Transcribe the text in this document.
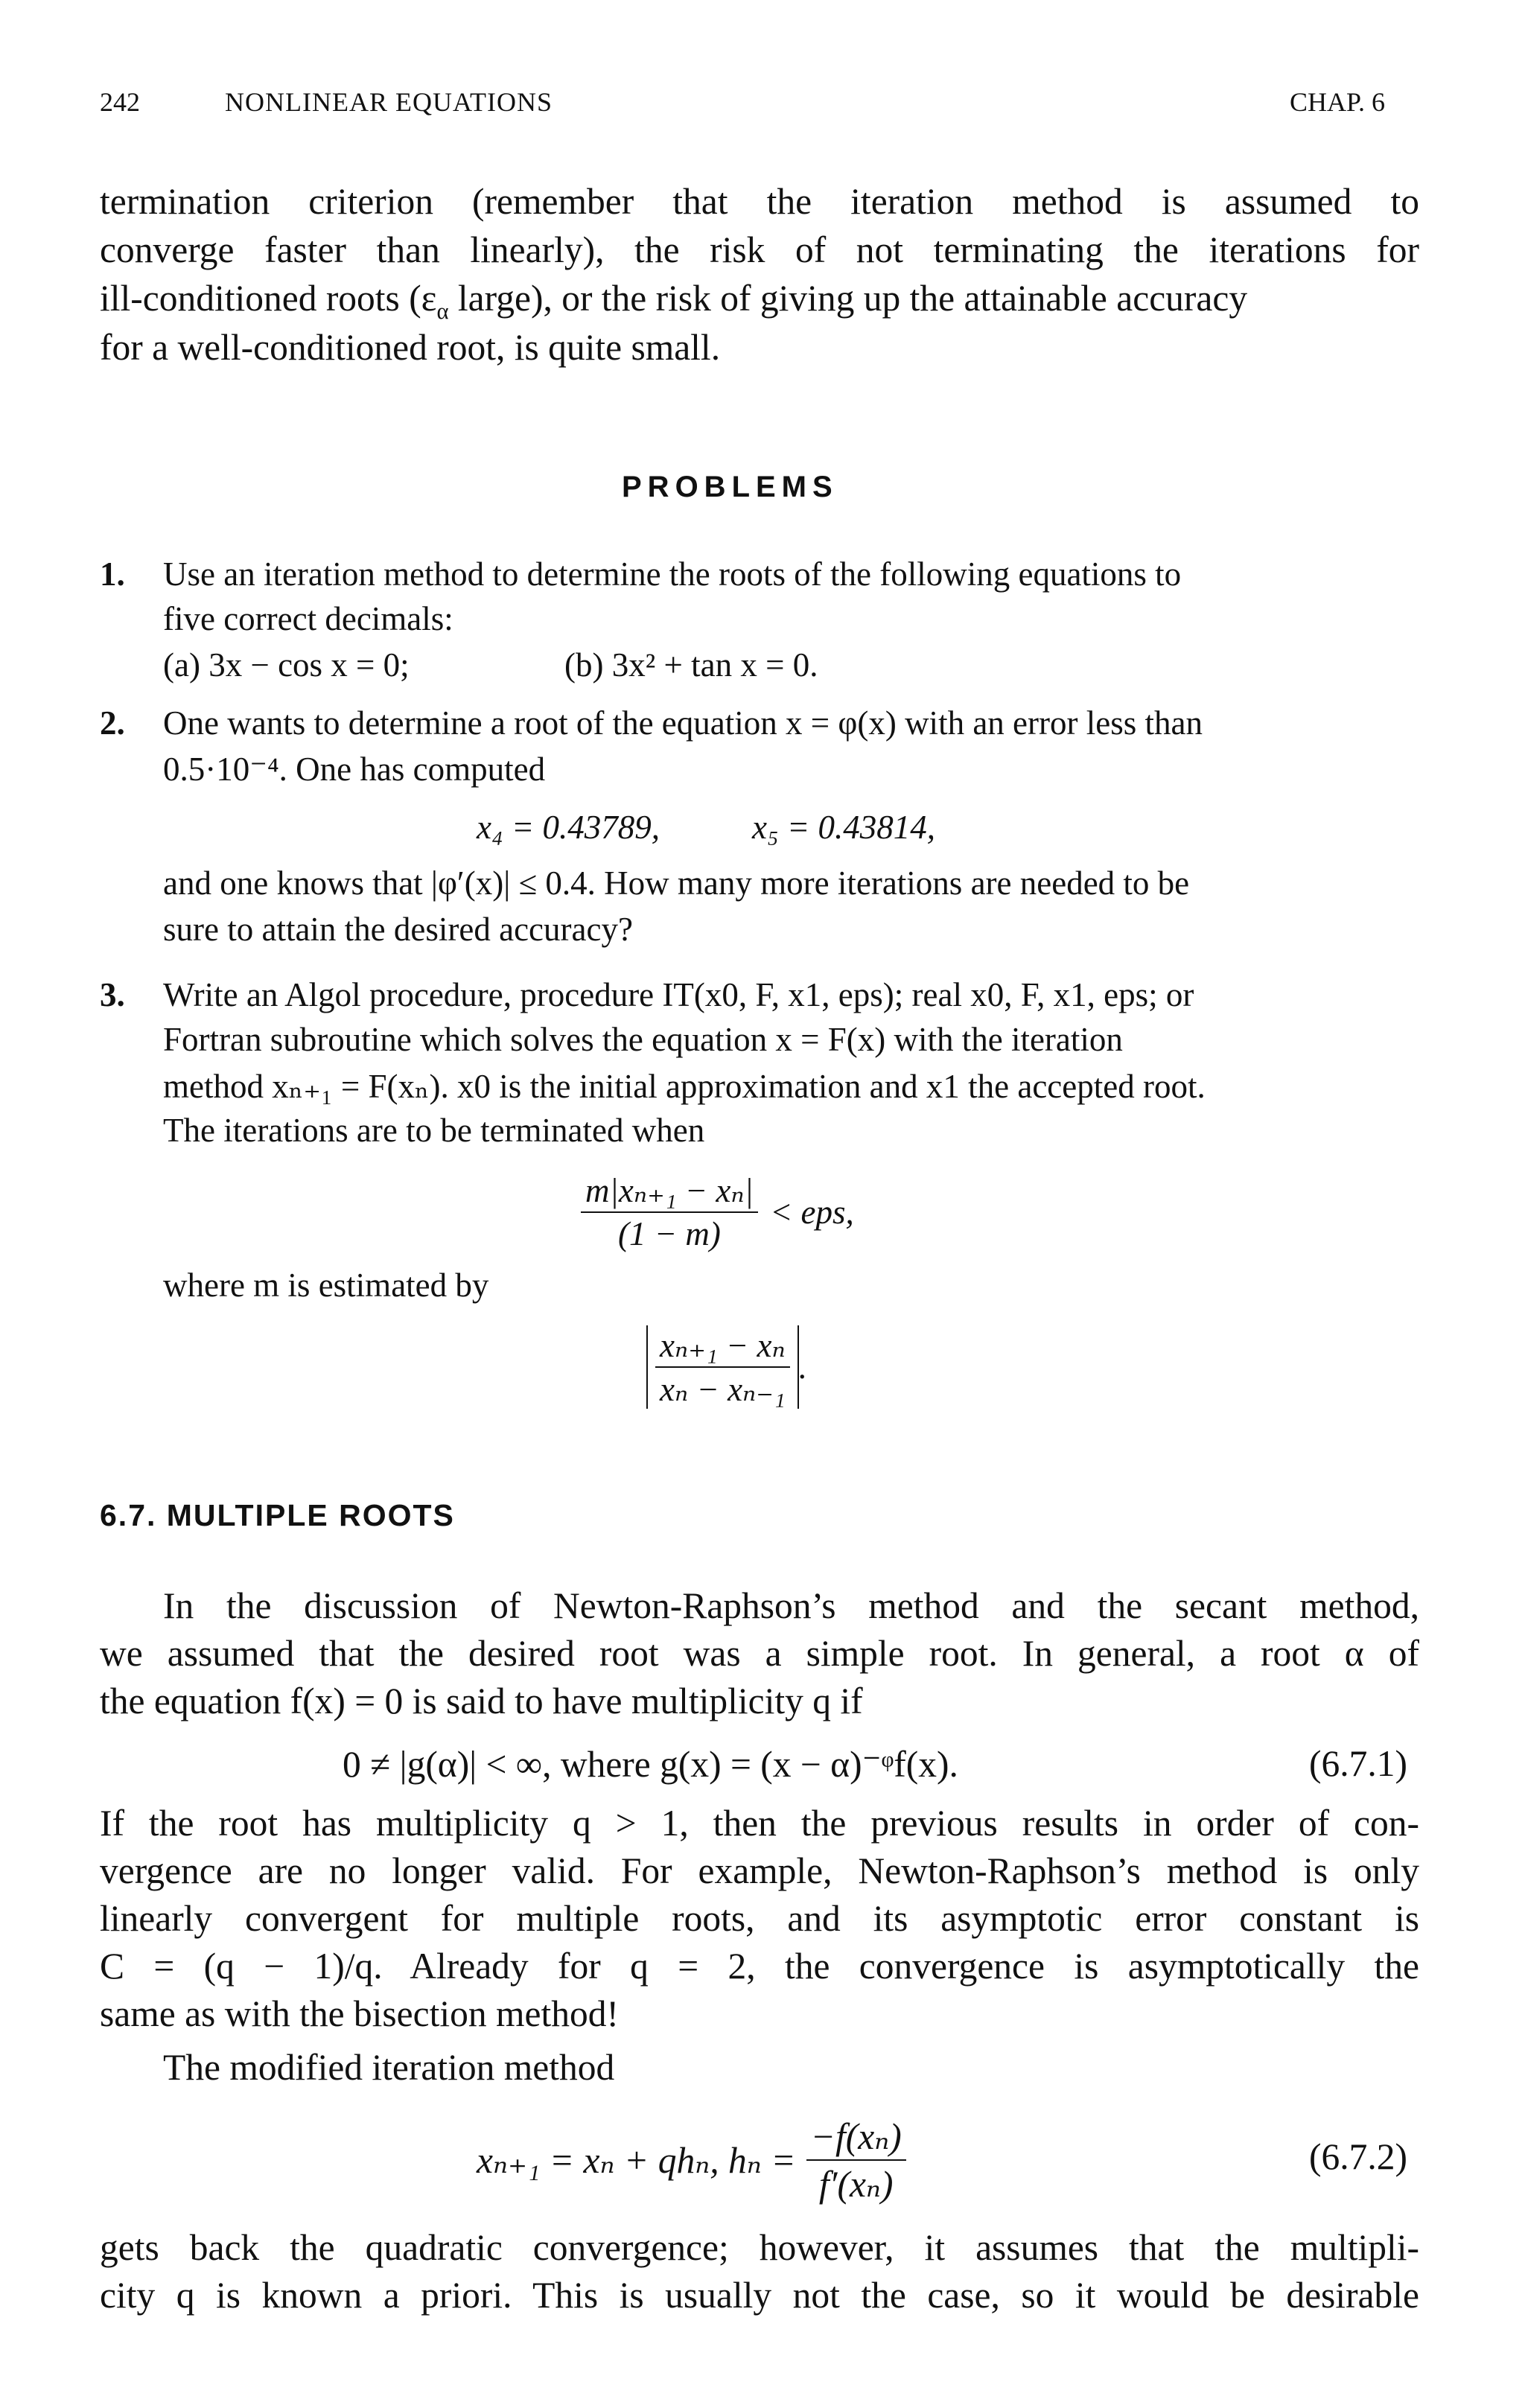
242	NONLINEAR EQUATIONS	CHAP. 6
termination criterion (remember that the iteration method is assumed to
converge faster than linearly), the risk of not terminating the iterations for
ill-conditioned roots ($\varepsilon_\alpha$ large), or the risk of giving up the attainable accuracy
for a well-conditioned root, is quite small.
PROBLEMS
1. Use an iteration method to determine the roots of the following equations to
five correct decimals:
(a) 3x − cos x = 0;	(b) 3x² + tan x = 0.
2. One wants to determine a root of the equation x = φ(x) with an error less than
0.5·10⁻⁴. One has computed
x₄ = 0.43789,	x₅ = 0.43814,
and one knows that |φ′(x)| ≤ 0.4. How many more iterations are needed to be
sure to attain the desired accuracy?
3. Write an Algol procedure, procedure IT(x0, F, x1, eps); real x0, F, x1, eps; or
Fortran subroutine which solves the equation x = F(x) with the iteration
method xₙ₊₁ = F(xₙ). x0 is the initial approximation and x1 the accepted root.
The iterations are to be terminated when
$\frac{\text{m|xₙ₊₁ − xₙ|}}{(1 - m)}$ < eps,
where m is estimated by
$\frac{\text{xₙ₊₁ − xₙ}}{\text{xₙ − xₙ₋₁}}$ .
6.7. MULTIPLE ROOTS
In the discussion of Newton-Raphson’s method and the secant method,
we assumed that the desired root was a simple root. In general, a root α of
the equation f(x) = 0 is said to have multiplicity q if
0 ≠ |g(α)| < ∞, where g(x) = (x − α)⁻ᵠf(x).	(6.7.1)
If the root has multiplicity q > 1, then the previous results in order of con-
vergence are no longer valid. For example, Newton-Raphson’s method is only
linearly convergent for multiple roots, and its asymptotic error constant is
C = (q − 1)/q. Already for q = 2, the convergence is asymptotically the
same as with the bisection method!
The modified iteration method
xₙ₊₁ = xₙ + qhₙ, $h_n = \frac{\text{−f(xₙ)}}{\text{f′(xₙ)}}$	(6.7.2)
gets back the quadratic convergence; however, it assumes that the multipli-
city q is known a priori. This is usually not the case, so it would be desirable
